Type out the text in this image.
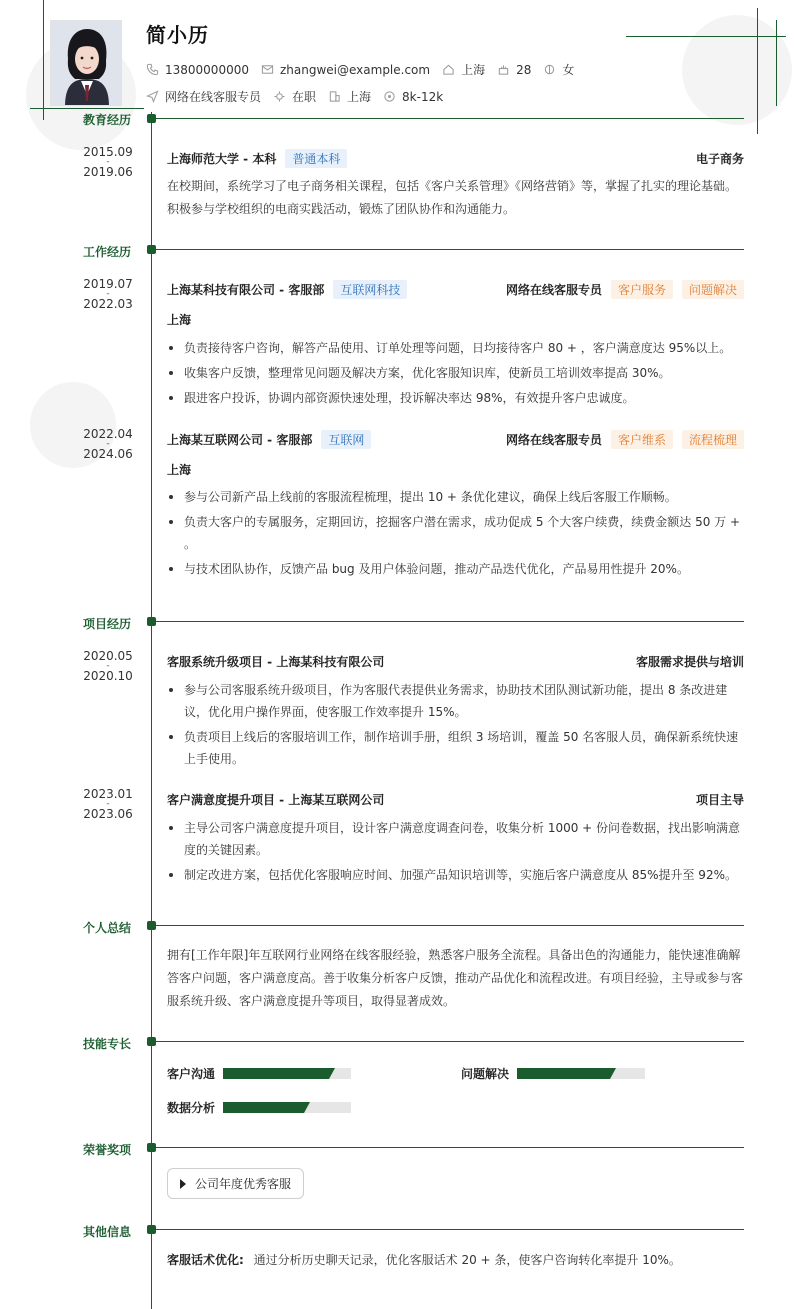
简小历
13800000000	zhangwei@example.com	上海	28	女
网络在线客服专员	在职	上海	8k-12k
教育经历
2015.09
-
2019.06
上海师范大学 - 本科	普通本科	电子商务
在校期间，系统学习了电子商务相关课程，包括《客户关系管理》《网络营销》等，掌握了扎实的理论基础。积极参与学校组织的电商实践活动，锻炼了团队协作和沟通能力。
工作经历
2019.07
-
2022.03
上海某科技有限公司 - 客服部	互联网科技	网络在线客服专员	客户服务	问题解决
上海
负责接待客户咨询，解答产品使用、订单处理等问题，日均接待客户 80 + ，客户满意度达 95%以上。
收集客户反馈，整理常见问题及解决方案，优化客服知识库，使新员工培训效率提高 30%。
跟进客户投诉，协调内部资源快速处理，投诉解决率达 98%，有效提升客户忠诚度。
2022.04
-
2024.06
上海某互联网公司 - 客服部	互联网	网络在线客服专员	客户维系	流程梳理
上海
参与公司新产品上线前的客服流程梳理，提出 10 + 条优化建议，确保上线后客服工作顺畅。
负责大客户的专属服务，定期回访，挖掘客户潜在需求，成功促成 5 个大客户续费，续费金额达 50 万 + 。
与技术团队协作，反馈产品 bug 及用户体验问题，推动产品迭代优化，产品易用性提升 20%。
项目经历
2020.05
-
2020.10
客服系统升级项目 - 上海某科技有限公司	客服需求提供与培训
参与公司客服系统升级项目，作为客服代表提供业务需求，协助技术团队测试新功能，提出 8 条改进建议，优化用户操作界面，使客服工作效率提升 15%。
负责项目上线后的客服培训工作，制作培训手册，组织 3 场培训，覆盖 50 名客服人员，确保新系统快速上手使用。
2023.01
-
2023.06
客户满意度提升项目 - 上海某互联网公司	项目主导
主导公司客户满意度提升项目，设计客户满意度调查问卷，收集分析 1000 + 份问卷数据，找出影响满意度的关键因素。
制定改进方案，包括优化客服响应时间、加强产品知识培训等，实施后客户满意度从 85%提升至 92%。
个人总结
拥有[工作年限]年互联网行业网络在线客服经验，熟悉客户服务全流程。具备出色的沟通能力，能快速准确解答客户问题，客户满意度高。善于收集分析客户反馈，推动产品优化和流程改进。有项目经验，主导或参与客服系统升级、客户满意度提升等项目，取得显著成效。
技能专长
客户沟通	问题解决
数据分析
荣誉奖项
公司年度优秀客服
其他信息
客服话术优化: 通过分析历史聊天记录，优化客服话术 20 + 条，使客户咨询转化率提升 10%。
